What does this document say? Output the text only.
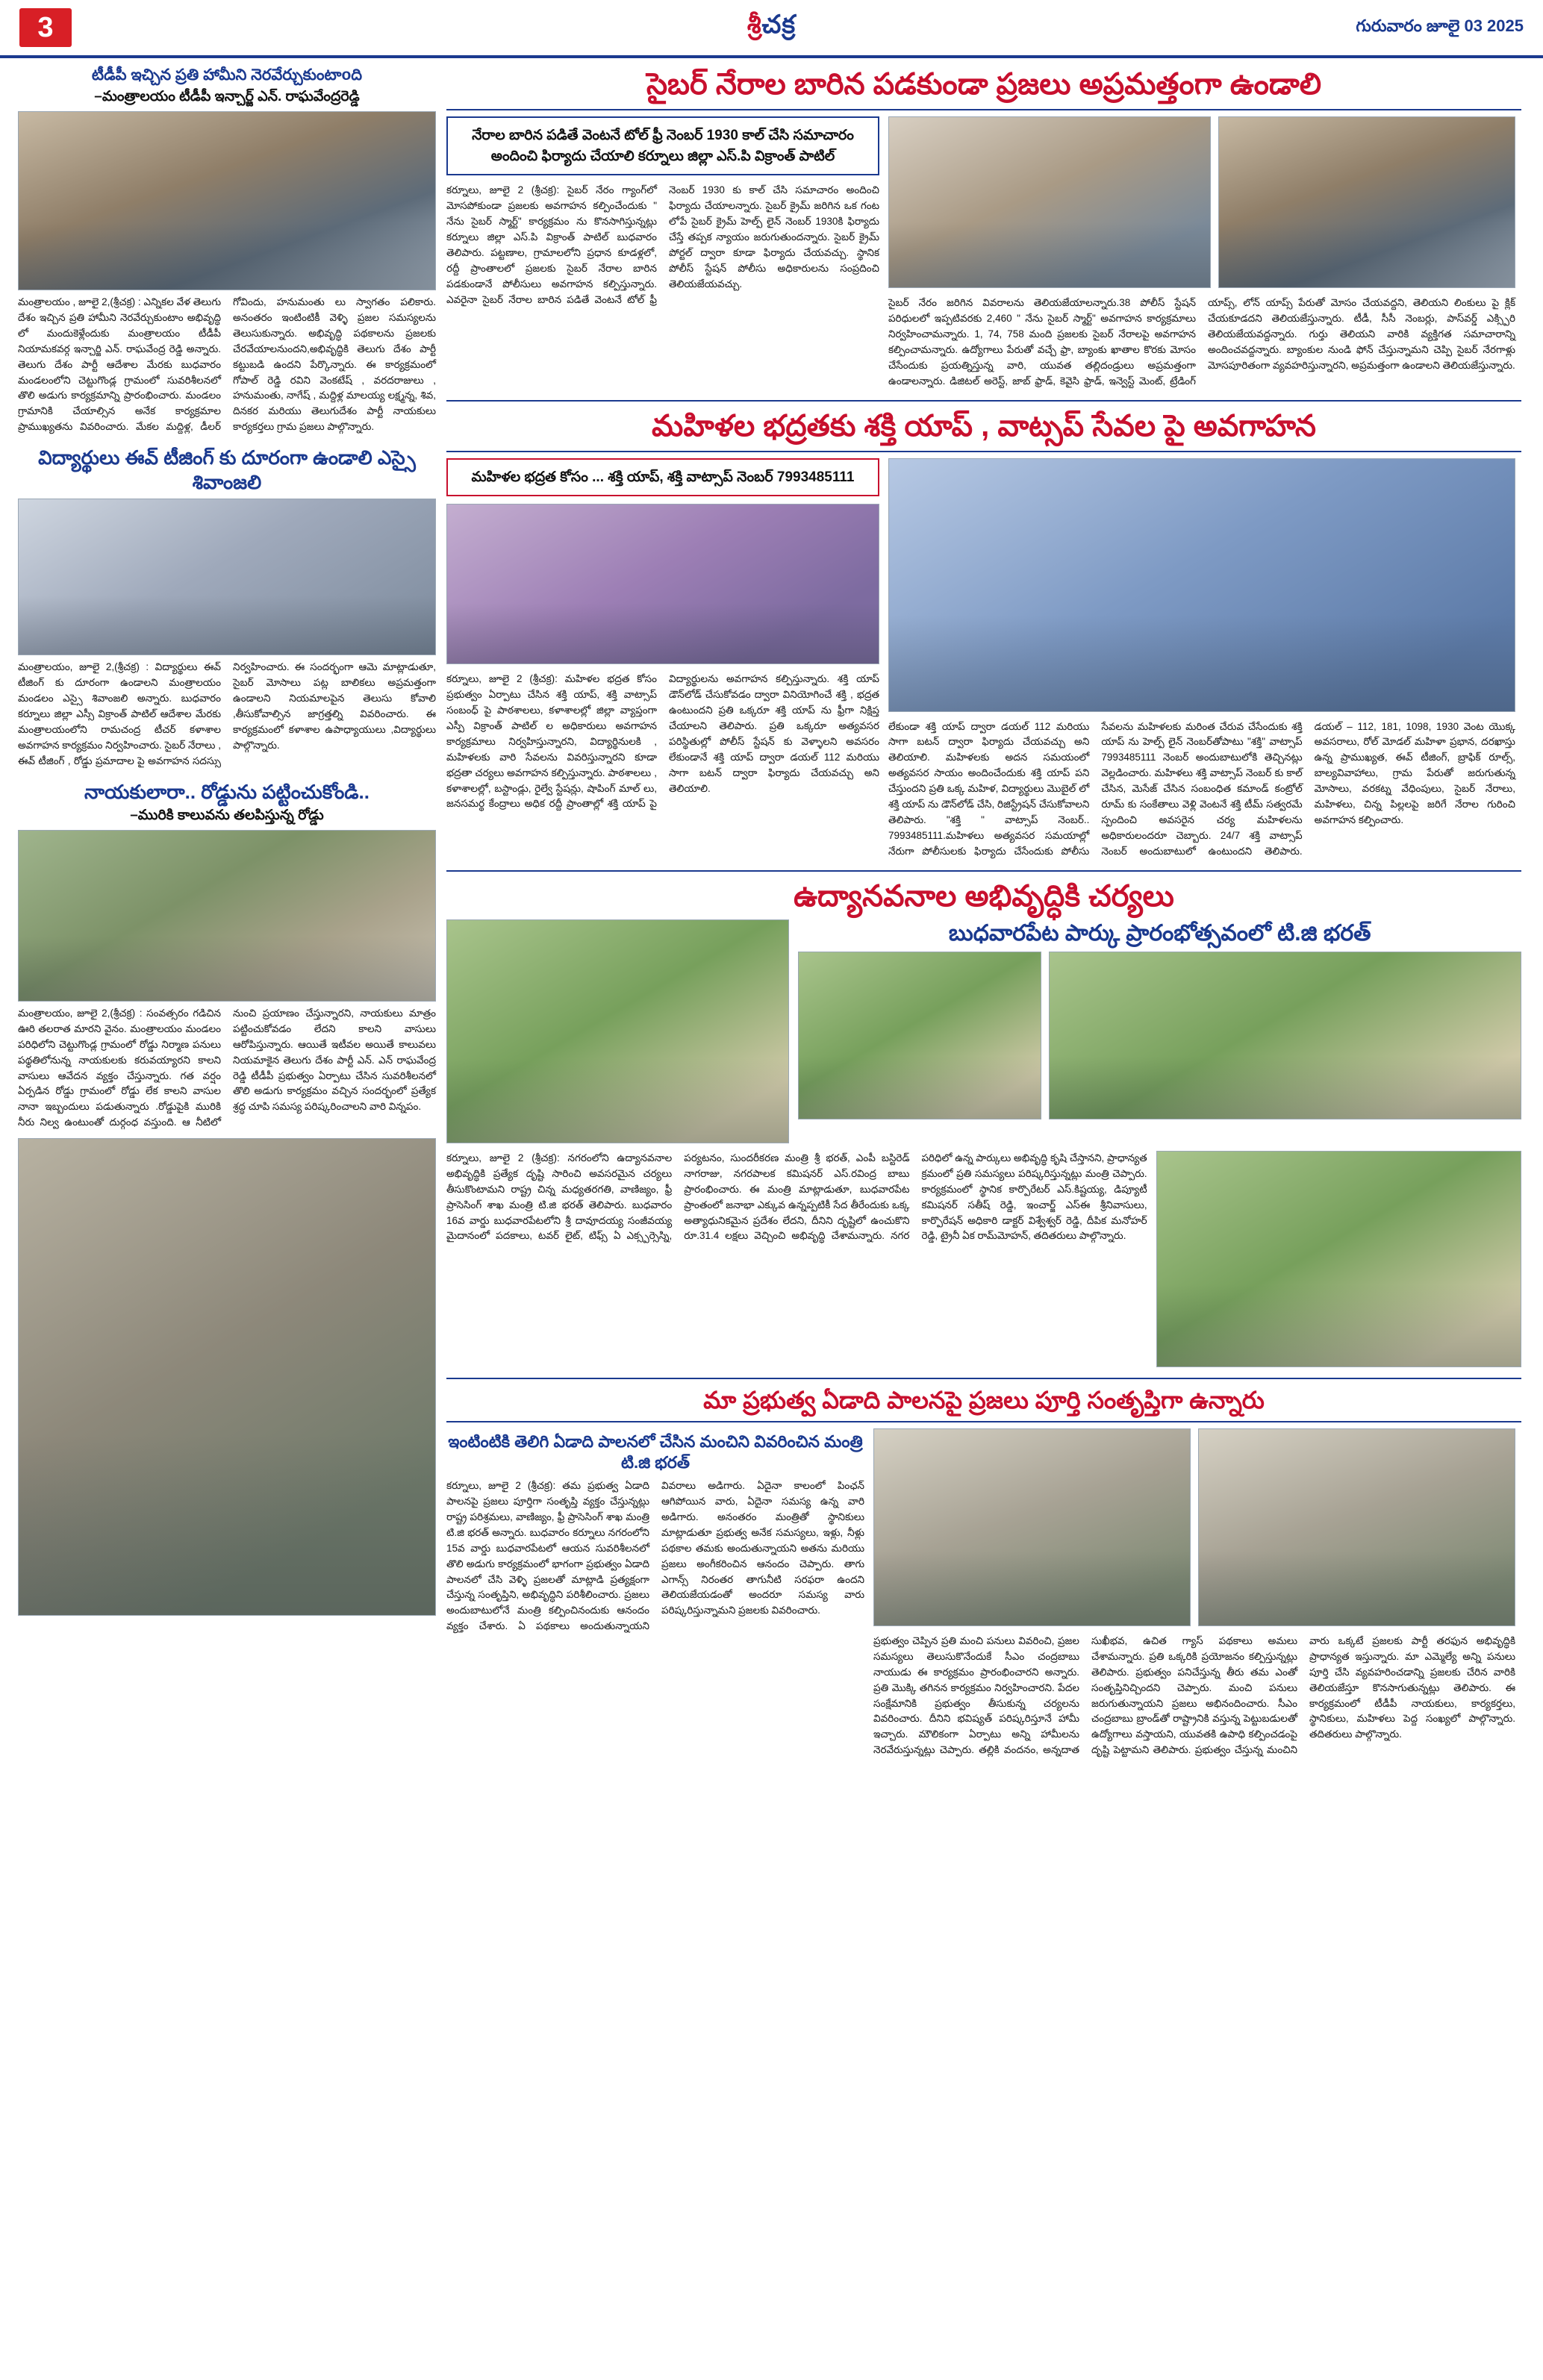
3	శ్రీచక్ర	గురువారం జూలై 03 2025
టీడీపీ ఇచ్చిన ప్రతి హామీని నెరవేర్చుకుంటాoది
–మంత్రాలయం టీడీపీ ఇన్చార్జ్ ఎన్. రాఘవేంద్రరెడ్డి
మంత్రాలయం , జూలై 2,(శ్రీచక్ర) : ఎన్నికల వేళ తెలుగు దేశం ఇచ్చిన ప్రతి హామీని నెరవేర్చుకుంటాం అభివృద్ధి లో మందుకెళ్లేందుకు మంత్రాలయం టీడీపీ నియామకవర్గ ఇన్చార్జి ఎన్. రాఘవేంద్ర రెడ్డి అన్నారు. తెలుగు దేశం పార్టీ ఆదేశాల మేరకు బుధవారం మండలంలోని చెట్టుగొండ్ల గ్రామంలో సువరిశీలనలో తొలి అడుగు కార్యక్రమాన్ని ప్రారంభించారు. మండలం గ్రామానికి చేయాల్సిన అనేక కార్యక్రమాల ప్రాముఖ్యతను వివరించారు. మేకల మద్దిళ్ల, డీలర్ గోవిందు, హనుమంతు లు స్వాగతం పలికారు. అనంతరం ఇంటింటికీ వెళ్ళి ప్రజల సమస్యలను తెలుసుకున్నారు. అభివృద్ధి పథకాలను ప్రజలకు చేరవేయాలనుందని,అభివృద్ధికి తెలుగు దేశం పార్టీ కట్టుబడి ఉందని పేర్కొన్నారు. ఈ కార్యక్రమంలో గోపాల్ రెడ్డి రవిని వెంకటేష్ , వరదరాజులు , హనుమంతు, నాగేష్ , మద్దిళ్ల మాలయ్య లక్ష్మన్న, శివ, దినకర మరియు తెలుగుదేశం పార్టీ నాయకులు కార్యకర్తలు గ్రామ ప్రజలు పాల్గొన్నారు.
విద్యార్థులు ఈవ్ టీజింగ్ కు దూరంగా ఉండాలి ఎస్సై శివాంజలి
మంత్రాలయం, జూలై 2,(శ్రీచక్ర) : విద్యార్థులు ఈవ్ టీజింగ్ కు దూరంగా ఉండాలని మంత్రాలయం మండలం ఎస్సై శివాంజలి అన్నారు. బుధవారం కర్నూలు జిల్లా ఎస్సీ విక్రాంత్ పాటిల్ ఆదేశాల మేరకు మంత్రాలయంలోని రామచంద్ర టీచర్ కళాశాల అవగాహన కార్యక్రమం నిర్వహించారు. సైబర్ నేరాలు , ఈవ్ టీజింగ్ , రోడ్డు ప్రమాదాల పై అవగాహన సదస్సు నిర్వహించారు. ఈ సందర్భంగా ఆమె మాట్లాడుతూ, సైబర్ మోసాలు పట్ల బాలికలు అప్రమత్తంగా ఉండాలని నియమాలపైన తెలుసు కోవాలి ,తీసుకోవాల్సిన జాగ్రత్తల్ని వివరించారు. ఈ కార్యక్రమంలో కళాశాల ఉపాధ్యాయులు ,విద్యార్థులు పాల్గొన్నారు.
నాయకులారా.. రోడ్డును పట్టించుకోండి..
–మురికి కాలువను తలపిస్తున్న రోడ్డు
మంత్రాలయం, జూలై 2,(శ్రీచక్ర) : సంవత్సరం గడిచిన ఊరి తలరాత మారని వైనం. మంత్రాలయం మండలం పరిధిలోని చెట్టుగొండ్ల గ్రామంలో రోడ్డు నిర్మాణ పనులు పథ్ధతిలోనున్న నాయకులకు కరువయ్యారని కాలని వాసులు ఆవేదన వ్యక్తం చేస్తున్నారు. గత వర్షం ఏర్పడిన రోడ్డు గ్రామంలో రోడ్డు లేక కాలని వాసుల నానా ఇబ్బందులు పడుతున్నారు .రోడ్డుపైకి మురికి నీరు నిల్వ ఉంటుంతో దుర్గంధ వస్తుంది. ఆ నీటిలో నుంచి ప్రయాణం చేస్తున్నారని, నాయకులు మాత్రం పట్టించుకోవడం లేదని కాలని వాసులు ఆరోపిస్తున్నారు. ఆయితే ఇటీవల అయితే కాలువలు నియమాకైన తెలుగు దేశం పార్టీ ఎన్. ఎన్ రాఘవేంద్ర రెడ్డి టీడీపీ ప్రభుత్వం ఏర్పాటు చేసిన సువరిశీలనలో తొలి అడుగు కార్యక్రమం వచ్చిన సందర్భంలో ప్రత్యేక శ్రద్ధ చూపి సమస్య పరిష్కరించాలని వారి విన్నపం.
సైబర్ నేరాల బారిన పడకుండా ప్రజలు అప్రమత్తంగా ఉండాలి
నేరాల బారిన పడితే వెంటనే టోల్ ఫ్రీ నెంబర్ 1930 కాల్ చేసి సమాచారం అందించి ఫిర్యాదు చేయాలి కర్నూలు జిల్లా ఎస్.పి విక్రాంత్ పాటిల్
కర్నూలు, జూలై 2 (శ్రీచక్ర): సైబర్ నేరం గ్యాంగ్‌లో మోసపోకుండా ప్రజలకు అవగాహన కల్పించేందుకు " నేను సైబర్ స్మార్ట్" కార్యక్రమం ను కొనసాగిస్తున్నట్లు కర్నూలు జిల్లా ఎస్.పి విక్రాంత్ పాటిల్ బుధవారం తెలిపారు. పట్టణాల, గ్రామాలలోని ప్రధాన కూడళ్లలో, రద్దీ ప్రాంతాలలో ప్రజలకు సైబర్ నేరాల బారిన పడకుండానే పోలీసులు అవగాహన కల్పిస్తున్నారు. ఎవరైనా సైబర్ నేరాల బారిన పడితే వెంటనే టోల్ ఫ్రీ నెంబర్ 1930 కు కాల్ చేసి సమాచారం అందించి ఫిర్యాదు చేయాలన్నారు. సైబర్ క్రైమ్ జరిగిన ఒక గంట లోపే సైబర్ క్రైమ్ హెల్ప్ లైన్ నెంబర్ 1930కి ఫిర్యాదు చేస్తే తప్పక న్యాయం జరుగుతుందన్నారు. సైబర్ క్రైమ్ పోర్టల్ ద్వారా కూడా ఫిర్యాదు చేయవచ్చు. స్థానిక పోలీస్ స్టేషన్ పోలీసు అధికారులను సంప్రదించి తెలియజేయవచ్చు.
సైబర్ నేరం జరిగిన వివరాలను తెలియజేయాలన్నారు.38 పోలీస్ స్టేషన్ పరిధులలో ఇప్పటివరకు 2,460 " నేను సైబర్ స్మార్ట్" అవగాహన కార్యక్రమాలు నిర్వహించామన్నారు. 1, 74, 758 మంది ప్రజలకు సైబర్ నేరాలపై అవగాహన కల్పించామన్నారు. ఉద్యోగాలు పేరుతో వచ్చే ఫ్రా, బ్యాంకు ఖాతాల కొరకు మోసం చేసేందుకు ప్రయత్నిస్తున్న వారి, యువత తల్లిదండ్రులు అప్రమత్తంగా ఉండాలన్నారు. డిజిటల్ అరెస్ట్, జాబ్ ఫ్రాడ్, కెవైసి ఫ్రాడ్, ఇన్వెస్ట్ మెంట్, ట్రేడింగ్ యాప్స్, లోన్ యాప్స్ పేరుతో మోసం చేయవద్దని, తెలియని లింకులు పై క్లిక్ చేయకూడదని తెలియజేస్తున్నారు. టీడీ, సీసీ నెంబర్లు, పాస్‌వర్డ్ ఎక్స్పిరి తెలియజేయవద్దన్నారు. గుర్తు తెలియని వారికి వ్యక్తిగత సమాచారాన్ని అందించవద్దన్నారు. బ్యాంకుల నుండి ఫోన్ చేస్తున్నామని చెప్పి సైబర్ నేరగాళ్లు మోసపూరితంగా వ్యవహరిస్తున్నారని, అప్రమత్తంగా ఉండాలని తెలియజేస్తున్నారు.
మహిళల భద్రతకు శక్తి యాప్ , వాట్సప్ సేవల పై అవగాహన
మహిళల భద్రత కోసం ... శక్తి యాప్, శక్తి వాట్సాప్ నెంబర్ 7993485111
కర్నూలు, జూలై 2 (శ్రీచక్ర): మహిళల భద్రత కోసం ప్రభుత్వం ఏర్పాటు చేసిన శక్తి యాప్, శక్తి వాట్సాప్ సంబంధ్ పై పాఠశాలలు, కళాశాలల్లో జిల్లా వ్యాప్తంగా ఎస్పీ విక్రాంత్ పాటిల్ ల అధికారులు అవగాహన కార్యక్రమాలు నిర్వహిస్తున్నారని, విద్యార్థినులకి , మహిళలకు వారి సేవలను వివరిస్తున్నారని కూడా భద్రతా చర్యలు అవగాహన కల్పిస్తున్నారు. పాఠశాలలు , కళాశాలల్లో, బస్టాండ్లు, రైల్వే స్టేషన్లు, షాపింగ్ మాల్ లు, జనసమర్థ కేంద్రాలు అధిక రద్దీ ప్రాంతాల్లో శక్తి యాప్ పై విద్యార్థులను అవగాహన కల్పిస్తున్నారు. శక్తి యాప్ డౌన్‌లోడ్ చేసుకోవడం ద్వారా వినియోగించే శక్తి , భద్రత ఉంటుందని ప్రతి ఒక్కరూ శక్తి యాప్ ను ఫ్రీగా నిక్షిప్త చేయాలని తెలిపారు. ప్రతి ఒక్కరూ అత్యవసర పరిస్థితుల్లో పోలీస్ స్టేషన్ కు వెళ్ళాలని అవసరం లేకుండానే శక్తి యాప్ ద్వారా డయల్ 112 మరియు సాగా బటన్ ద్వారా ఫిర్యాదు చేయవచ్చు అని తెలియాలి.
లేకుండా శక్తి యాప్ ద్వారా డయల్ 112 మరియు సాగా బటన్ ద్వారా ఫిర్యాదు చేయవచ్చు అని తెలియాలి. మహిళలకు అదన సమయంలో అత్యవసర సాయం అందించేందుకు శక్తి యాప్ పని చేస్తుందని ప్రతి ఒక్క మహిళ, విద్యార్థులు మొబైల్ లో శక్తి యాప్ ను డౌన్‌లోడ్ చేసి, రిజిస్ట్రేషన్ చేసుకోవాలని తెలిపారు. "శక్తి " వాట్సాప్ నెంబర్.. 7993485111.మహిళలు అత్యవసర సమయాల్లో నేరుగా పోలీసులకు ఫిర్యాదు చేసేందుకు పోలీసు సేవలను మహిళలకు మరింత చేరువ చేసేందుకు శక్తి యాప్ ను హెల్ప్ లైన్ నెంబర్‌తోపాటు "శక్తి" వాట్సాప్ 7993485111 నెంబర్ అందుబాటులోకి తెచ్చినట్లు వెల్లడించారు. మహిళలు శక్తి వాట్సాప్ నెంబర్ కు కాల్ చేసిన, మెసేజ్ చేసిన సంబంధిత కమాండ్ కంట్రోల్ రూమ్ కు సంకేతాలు వెళ్లి వెంటనే శక్తి టీమ్ సత్వరమే స్పందించి అవసరైన చర్య మహిళలను అధికారులందరూ చెబ్బారు. 24/7 శక్తి వాట్సాప్ నెంబర్ అందుబాటులో ఉంటుందని తెలిపారు. డయల్ – 112, 181, 1098, 1930 వెంట యొక్క అవసరాలు, రోల్ మోడల్ మహిళా ప్రభాన, దరఖాస్తు ఉన్న ప్రాముఖ్యత, ఈవ్ టీజింగ్, బ్రాఫిక్ రూల్స్, బాల్యవివాహాలు, గ్రామ పేరుతో జరుగుతున్న మోసాలు, వరకట్న వేధింపులు, సైబర్ నేరాలు, మహిళలు, చిన్న పిల్లలపై జరిగే నేరాల గురించి అవగాహన కల్పించారు.
ఉద్యానవనాల అభివృద్ధికి చర్యలు
బుధవారపేట పార్కు ప్రారంభోత్సవంలో టి.జి భరత్
కర్నూలు, జూలై 2 (శ్రీచక్ర): నగరంలోని ఉద్యానవనాల అభివృద్ధికి ప్రత్యేక దృష్టి సారించి అవసరమైన చర్యలు తీసుకొంటామని రాష్ట్ర చిన్న మధ్యతరగతి, వాణిజ్యం, ఫ్రీ ప్రాసెసింగ్ శాఖ మంత్రి టి.జి భరత్ తెలిపారు. బుధవారం 16వ వార్డు బుధవారపేటలోని శ్రీ దావూదయ్య సంజీవయ్య మైదానంలో పదకాలు, టవర్ లైట్, టిఫ్స్ ఏ ఎక్స్పర్సెస్ని, పర్యటనం, సుందరీకరణ మంత్రి శ్రీ భరత్, ఎంపీ బస్టిరెడ్ నాగరాజు, నగరపాలక కమిషనర్ ఎస్.రవింద్ర బాబు ప్రారంభించారు. ఈ మంత్రి మాట్లాడుతూ, బుధవారపేట ప్రాంతంలో జనాభా ఎక్కువ ఉన్నప్పటికీ సేద తీరేందుకు ఒక్క అత్యాధునికమైన ప్రదేశం లేదని, దీనిని దృష్టిలో ఉంచుకొని రూ.31.4 లక్షలు వెచ్చించి అభివృద్ధి చేశామన్నారు. నగర పరిధిలో ఉన్న పార్కులు అభివృద్ధి కృషి చేస్తానని, ప్రాధాన్యత క్రమంలో ప్రతి సమస్యలు పరిష్కరిస్తున్నట్లు మంత్రి చెప్పారు. కార్యక్రమంలో స్థానిక కార్పొరేటర్ ఎస్.కిష్టయ్య, డిప్యూటీ కమిషనర్ సతీష్ రెడ్డి, ఇంచార్జ్ ఎస్ఈ శ్రీనివాసులు, కార్పొరేషన్ అధికారి డాక్టర్ విశ్వేశ్వర్ రెడ్డి, దీపిక మనోహర్ రెడ్డి, ట్రైనీ ఏక రామ్‌మోహన్, తదితరులు పాల్గొన్నారు.
మా ప్రభుత్వ ఏడాది పాలనపై ప్రజలు పూర్తి సంతృప్తిగా ఉన్నారు
ఇంటింటికి తెలిగి ఏడాది పాలనలో చేసిన మంచిని వివరించిన మంత్రి టి.జి భరత్
కర్నూలు, జూలై 2 (శ్రీచక్ర): తమ ప్రభుత్వ ఏడాది పాలనపై ప్రజలు పూర్తిగా సంతృప్తి వ్యక్తం చేస్తున్నట్లు రాష్ట్ర పరిశ్రమలు, వాణిజ్యం, ఫ్రీ ప్రాసెసింగ్ శాఖ మంత్రి టి.జి భరత్ అన్నారు. బుధవారం కర్నూలు నగరంలోని 15వ వార్డు బుధవారపేటలో ఆయన సువరిశీలనలో తొలి అడుగు కార్యక్రమంలో భాగంగా ప్రభుత్వం ఏడాది పాలనలో చేసి వెళ్ళి ప్రజలతో మాట్లాడి ప్రత్యక్షంగా చేస్తున్న సంతృప్తిని, అభివృద్ధిని పరిశీలించారు. ప్రజలు అందుబాటులోనే మంత్రి కల్పించినందుకు ఆనందం వ్యక్తం చేశారు. ఏ పథకాలు అందుతున్నాయని వివరాలు అడిగారు. ఏదైనా కాలంలో పింఛన్ ఆగిపోయిన వారు, ఏదైనా సమస్య ఉన్న వారి అడిగారు. అనంతరం మంత్రితో స్థానికులు మాట్లాడుతూ ప్రభుత్వ అనేక సమస్యలు, ఇళ్లు, నీళ్లు పథకాల తమకు అందుతున్నాయని అతను మరియు ప్రజలు అంగీకరించిన ఆనందం చెప్పారు. తాగు ఎగాన్స్ నిరంతర తాగునీటి సరఫరా ఉందని తెలియజేయడంతో అందరూ సమస్య వారు పరిష్కరిస్తున్నామని ప్రజలకు వివరించారు.
ప్రభుత్వం చెప్పిన ప్రతి మంచి పనులు వివరించి, ప్రజల సమస్యలు తెలుసుకొనేందుకే సీఎం చంద్రబాబు నాయుడు ఈ కార్యక్రమం ప్రారంభించారని అన్నారు. ప్రతి మొక్కి తగినన కార్యక్రమం నిర్వహించారని. పేదల సంక్షేమానికి ప్రభుత్వం తీసుకున్న చర్యలను వివరించారు. దీనిని భవిష్యత్ పరిష్కరిస్తూనే హామీ ఇచ్చారు. మౌలికంగా ఏర్పాటు అన్ని హామీలను నెరవేరుస్తున్నట్లు చెప్పారు. తల్లికి వందనం, అన్నదాత సుఖీభవ, ఉచిత గ్యాస్ పథకాలు అమలు చేశామన్నారు. ప్రతి ఒక్కరికి ప్రయోజనం కల్పిస్తున్నట్లు తెలిపారు. ప్రభుత్వం పనిచేస్తున్న తీరు తమ ఎంతో సంతృప్తినిచ్చిందని చెప్పారు. మంచి పనులు జరుగుతున్నాయని ప్రజలు అభినందించారు. సీఎం చంద్రబాబు బ్రాండ్‌తో రాష్ట్రానికి వస్తున్న పెట్టుబడులతో ఉద్యోగాలు వస్తాయని, యువతకి ఉపాధి కల్పించడంపై దృష్టి పెట్టామని తెలిపారు. ప్రభుత్వం చేస్తున్న మంచిని వారు ఒక్కటే ప్రజలకు పార్టీ తరఫున అభివృద్ధికి ప్రాధాన్యత ఇస్తున్నారు. మా ఎమ్మెల్యే అన్ని పనులు పూర్తి చేసి వ్యవహరించడాన్ని ప్రజలకు చేరిన వారికి తెలియజేస్తూ కొనసాగుతున్నట్లు తెలిపారు. ఈ కార్యక్రమంలో టీడీపీ నాయకులు, కార్యకర్తలు, స్థానికులు, మహిళలు పెద్ద సంఖ్యలో పాల్గొన్నారు. తదితరులు పాల్గొన్నారు.
